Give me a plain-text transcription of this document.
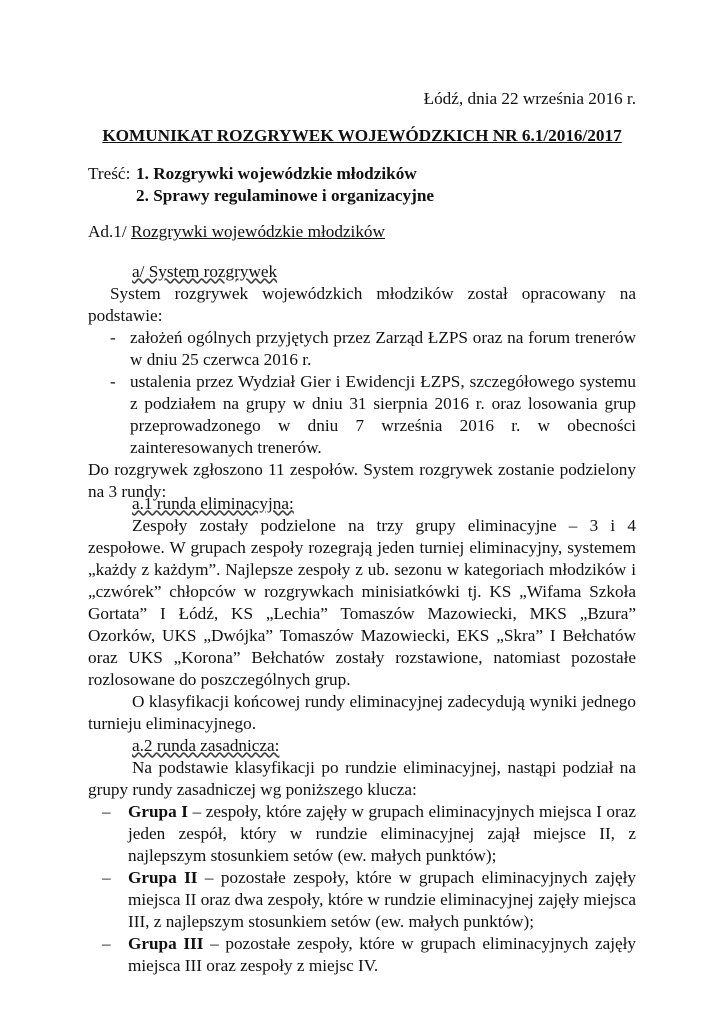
Łódź, dnia 22 września 2016 r.
KOMUNIKAT ROZGRYWEK WOJEWÓDZKICH NR 6.1/2016/2017
Treść: 1. Rozgrywki wojewódzkie młodzików
2. Sprawy regulaminowe i organizacyjne
Ad.1/ Rozgrywki wojewódzkie młodzików
a/ System rozgrywek

System rozgrywek wojewódzkich młodzików został opracowany na podstawie:

- założeń ogólnych przyjętych przez Zarząd ŁZPS oraz na forum trenerów w dniu 25 czerwca 2016 r.
- ustalenia przez Wydział Gier i Ewidencji ŁZPS, szczegółowego systemu z podziałem na grupy w dniu 31 sierpnia 2016 r. oraz losowania grup przeprowadzonego w dniu 7 września 2016 r. w obecności zainteresowanych trenerów.

Do rozgrywek zgłoszono 11 zespołów. System rozgrywek zostanie podzielony na 3 rundy:

a.1 runda eliminacyjna:

Zespoły zostały podzielone na trzy grupy eliminacyjne – 3 i 4 zespołowe. W grupach zespoły rozegrają jeden turniej eliminacyjny, systemem „każdy z każdym”. Najlepsze zespoły z ub. sezonu w kategoriach młodzików i „czwórek” chłopców w rozgrywkach minisiatkówki tj. KS „Wifama Szkoła Gortata” I Łódź, KS „Lechia” Tomaszów Mazowiecki, MKS „Bzura” Ozorków, UKS „Dwójka” Tomaszów Mazowiecki, EKS „Skra” I Bełchatów oraz UKS „Korona” Bełchatów zostały rozstawione, natomiast pozostałe rozlosowane do poszczególnych grup.

O klasyfikacji końcowej rundy eliminacyjnej zadecydują wyniki jednego turnieju eliminacyjnego.

a.2 runda zasadnicza:

Na podstawie klasyfikacji po rundzie eliminacyjnej, nastąpi podział na grupy rundy zasadniczej wg poniższego klucza:

– Grupa I – zespoły, które zajęły w grupach eliminacyjnych miejsca I oraz jeden zespół, który w rundzie eliminacyjnej zajął miejsce II, z najlepszym stosunkiem setów (ew. małych punktów);
– Grupa II – pozostałe zespoły, które w grupach eliminacyjnych zajęły miejsca II oraz dwa zespoły, które w rundzie eliminacyjnej zajęły miejsca III, z najlepszym stosunkiem setów (ew. małych punktów);
– Grupa III – pozostałe zespoły, które w grupach eliminacyjnych zajęły miejsca III oraz zespoły z miejsc IV.
